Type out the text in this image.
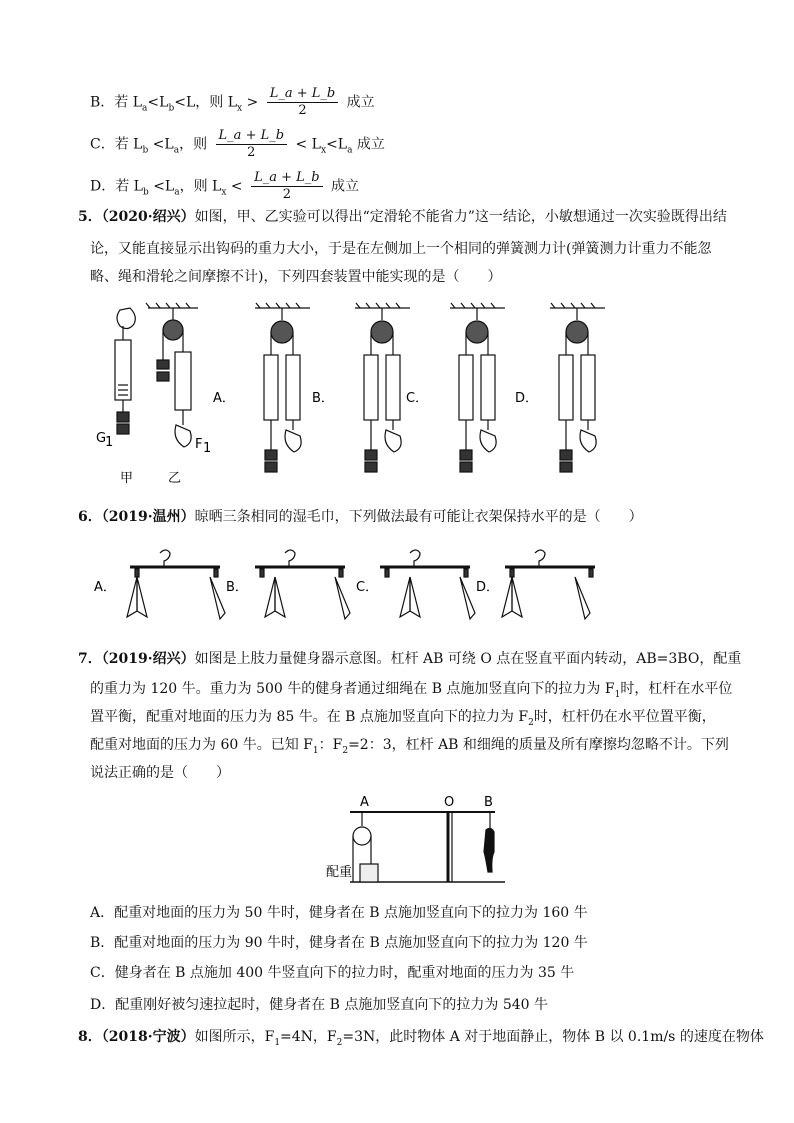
B．若 $L_a<L_b<L$，则 $L_x > \frac{L\_a + L\_b}{2}$ 成立
C．若 $L_b <L_a$，则 $\frac{L\_a + L\_b}{2} < L_x<L_a$ 成立
D．若 $L_b <L_a$，则 $L_x < \frac{L\_a + L\_b}{2}$ 成立
5．（2020·绍兴）如图，甲、乙实验可以得出“定滑轮不能省力”这一结论，小敏想通过一次实验既得出结
论，又能直接显示出钩码的重力大小，于是在左侧加上一个相同的弹簧测力计(弹簧测力计重力不能忽
略、绳和滑轮之间摩擦不计)，下列四套装置中能实现的是（　　）
G
1
甲
F 1
乙
A．	B．	C．	D．
6．（2019·温州）晾晒三条相同的湿毛巾，下列做法最有可能让衣架保持水平的是（　　）
A．	B．	C．	D．
7．（2019·绍兴）如图是上肢力量健身器示意图。杠杆 AB 可绕 O 点在竖直平面内转动，AB=3BO，配重
的重力为 120 牛。重力为 500 牛的健身者通过细绳在 B 点施加竖直向下的拉力为 $F_1$时，杠杆在水平位
置平衡，配重对地面的压力为 85 牛。在 B 点施加竖直向下的拉力为 $F_2$时，杠杆仍在水平位置平衡，
配重对地面的压力为 60 牛。已知 $F_1$：$F_2=2$：3，杠杆 AB 和细绳的质量及所有摩擦均忽略不计。下列
说法正确的是（　　）
A	O B
配重
A．配重对地面的压力为 50 牛时，健身者在 B 点施加竖直向下的拉力为 160 牛
B．配重对地面的压力为 90 牛时，健身者在 B 点施加竖直向下的拉力为 120 牛
C．健身者在 B 点施加 400 牛竖直向下的拉力时，配重对地面的压力为 35 牛
D．配重刚好被匀速拉起时，健身者在 B 点施加竖直向下的拉力为 540 牛
8．（2018·宁波）如图所示，$F_1=4N$，$F_2=3N$，此时物体 A 对于地面静止，物体 B 以 0.1m/s 的速度在物体
